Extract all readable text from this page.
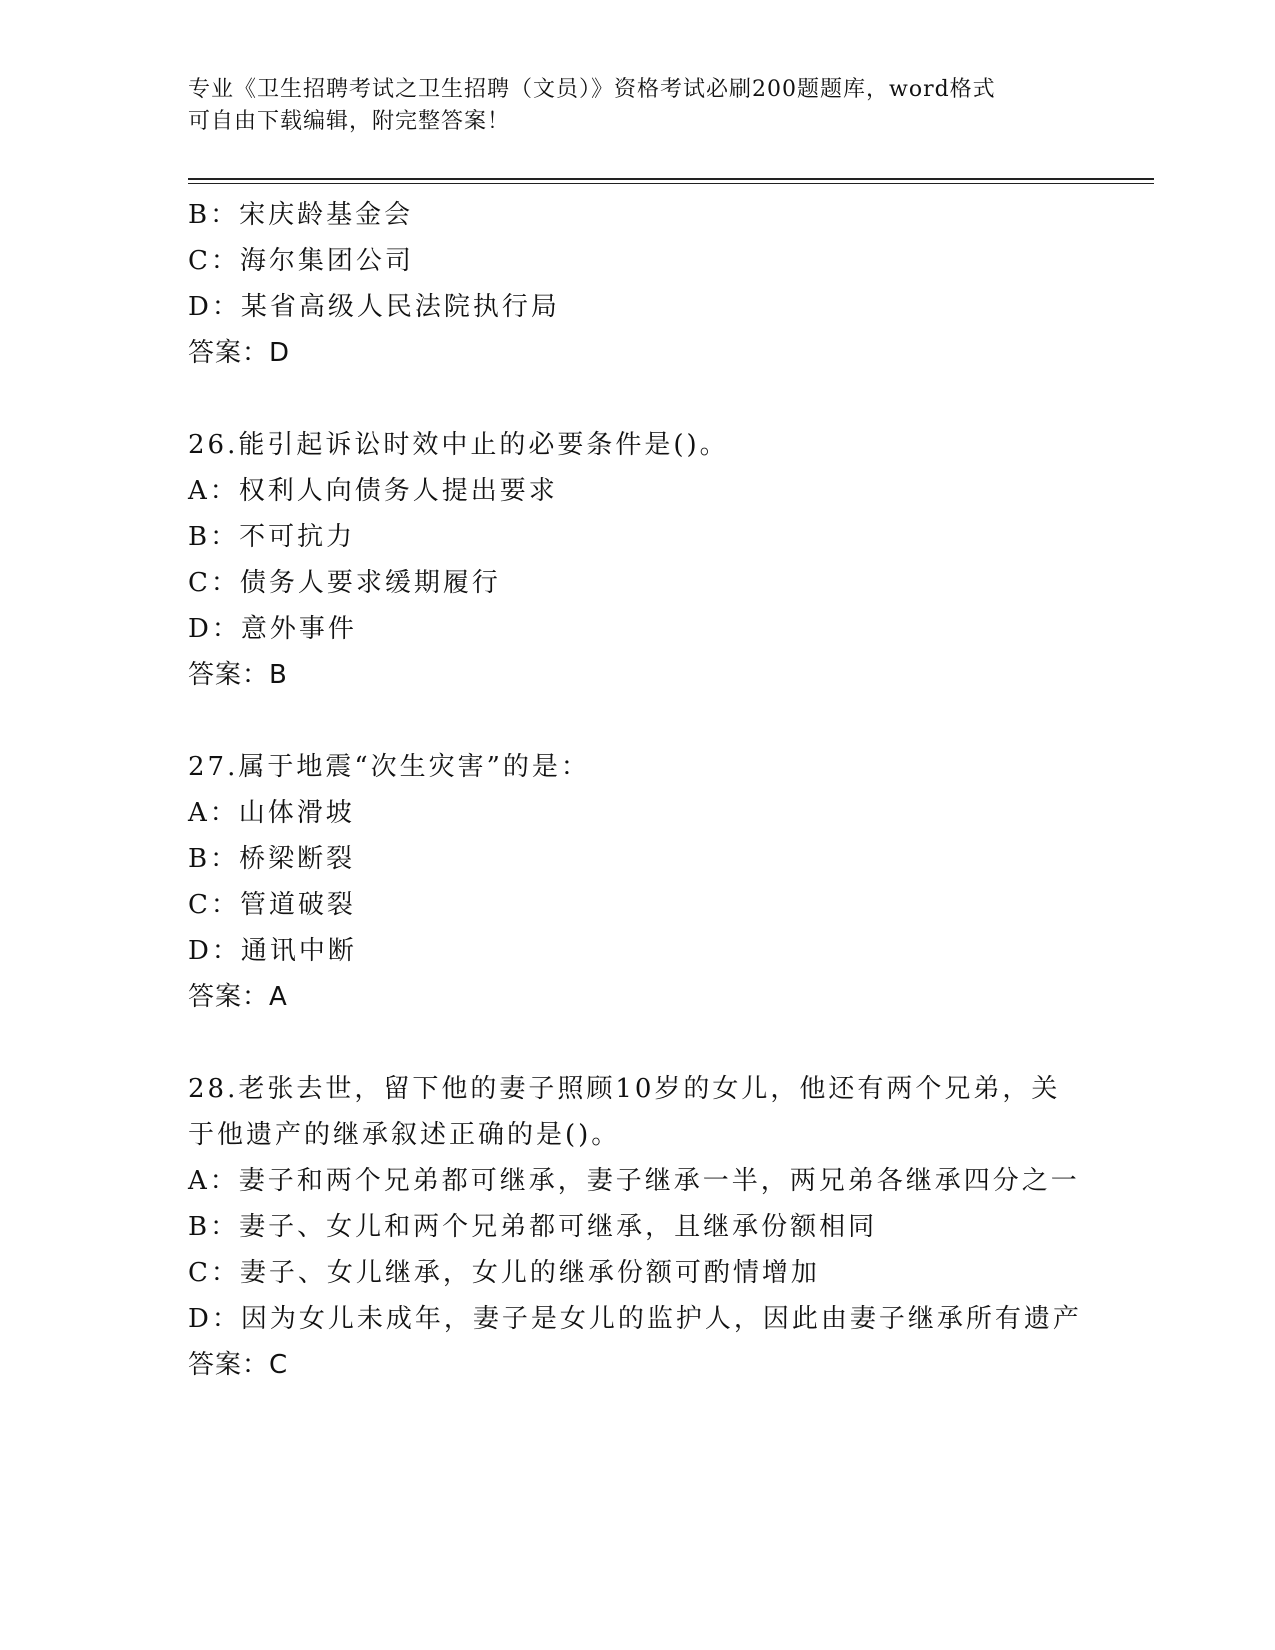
专业《卫生招聘考试之卫生招聘（文员）》资格考试必刷200题题库，word格式
可自由下载编辑，附完整答案！
B：宋庆龄基金会
C：海尔集团公司
D：某省高级人民法院执行局
答案：D
26.能引起诉讼时效中止的必要条件是()。
A：权利人向债务人提出要求
B：不可抗力
C：债务人要求缓期履行
D：意外事件
答案：B
27.属于地震“次生灾害”的是：
A：山体滑坡
B：桥梁断裂
C：管道破裂
D：通讯中断
答案：A
28.老张去世，留下他的妻子照顾10岁的女儿，他还有两个兄弟，关
于他遗产的继承叙述正确的是()。
A：妻子和两个兄弟都可继承，妻子继承一半，两兄弟各继承四分之一
B：妻子、女儿和两个兄弟都可继承，且继承份额相同
C：妻子、女儿继承，女儿的继承份额可酌情增加
D：因为女儿未成年，妻子是女儿的监护人，因此由妻子继承所有遗产
答案：C
